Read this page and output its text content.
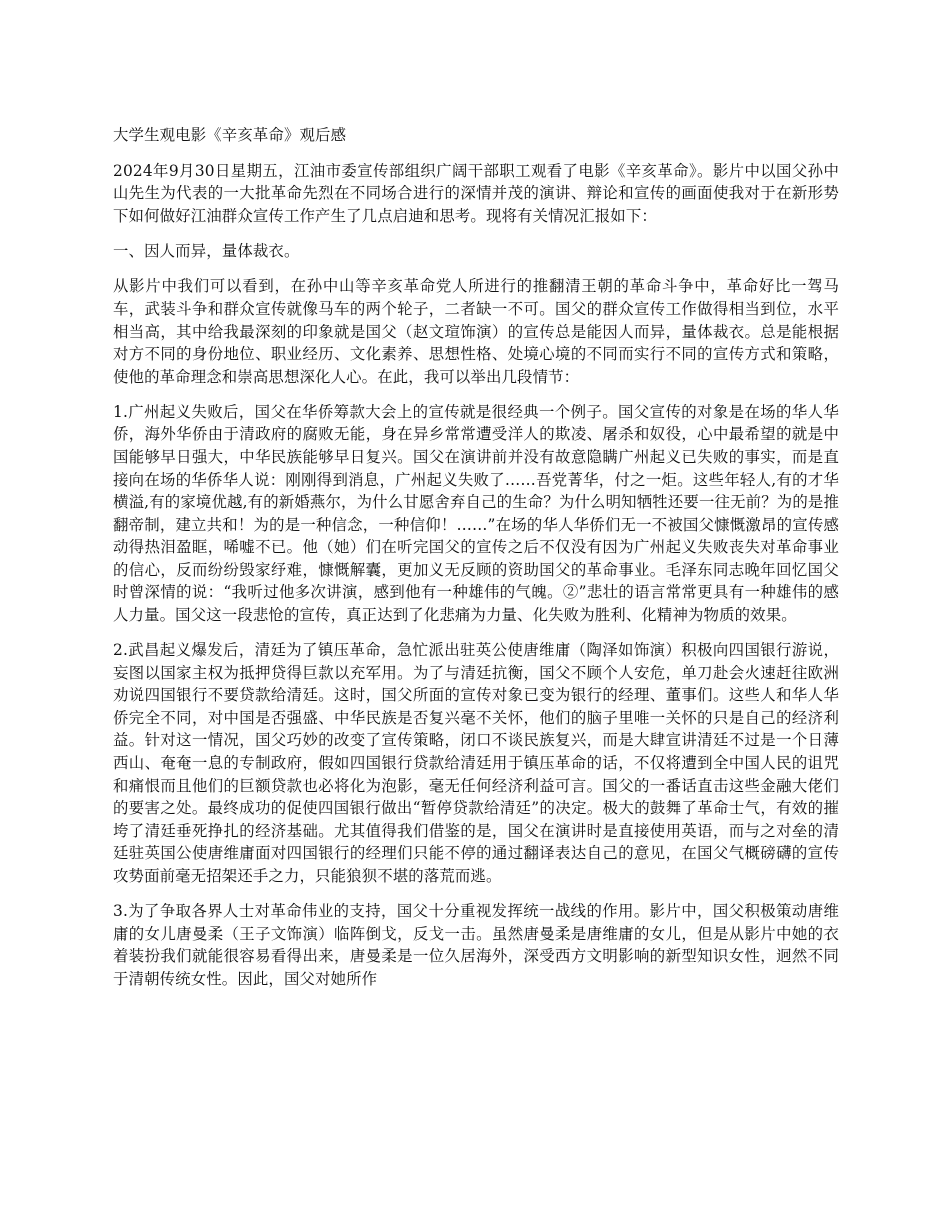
大学生观电影《辛亥革命》观后感

2024年9月30日星期五，江油市委宣传部组织广阔干部职工观看了电影《辛亥革命》。影片中以国父孙中山先生为代表的一大批革命先烈在不同场合进行的深情并茂的演讲、辩论和宣传的画面使我对于在新形势下如何做好江油群众宣传工作产生了几点启迪和思考。现将有关情况汇报如下：

一、因人而异，量体裁衣。

从影片中我们可以看到，在孙中山等辛亥革命党人所进行的推翻清王朝的革命斗争中，革命好比一驾马车，武装斗争和群众宣传就像马车的两个轮子，二者缺一不可。国父的群众宣传工作做得相当到位，水平相当高，其中给我最深刻的印象就是国父（赵文瑄饰演）的宣传总是能因人而异，量体裁衣。总是能根据对方不同的身份地位、职业经历、文化素养、思想性格、处境心境的不同而实行不同的宣传方式和策略，使他的革命理念和崇高思想深化人心。在此，我可以举出几段情节：

1.广州起义失败后，国父在华侨筹款大会上的宣传就是很经典一个例子。国父宣传的对象是在场的华人华侨，海外华侨由于清政府的腐败无能，身在异乡常常遭受洋人的欺凌、屠杀和奴役，心中最希望的就是中国能够早日强大，中华民族能够早日复兴。国父在演讲前并没有故意隐瞒广州起义已失败的事实，而是直接向在场的华侨华人说：刚刚得到消息，广州起义失败了……吾党菁华，付之一炬。这些年轻人,有的才华横溢,有的家境优越,有的新婚燕尔，为什么甘愿舍弃自己的生命？为什么明知牺牲还要一往无前？为的是推翻帝制，建立共和！为的是一种信念，一种信仰！……”在场的华人华侨们无一不被国父慷慨激昂的宣传感动得热泪盈眶，唏嘘不已。他（她）们在听完国父的宣传之后不仅没有因为广州起义失败丧失对革命事业的信心，反而纷纷毁家纾难，慷慨解囊，更加义无反顾的资助国父的革命事业。毛泽东同志晚年回忆国父时曾深情的说：“我听过他多次讲演，感到他有一种雄伟的气魄。②”悲壮的语言常常更具有一种雄伟的感人力量。国父这一段悲怆的宣传，真正达到了化悲痛为力量、化失败为胜利、化精神为物质的效果。

2.武昌起义爆发后，清廷为了镇压革命，急忙派出驻英公使唐维庸（陶泽如饰演）积极向四国银行游说，妄图以国家主权为抵押贷得巨款以充军用。为了与清廷抗衡，国父不顾个人安危，单刀赴会火速赶往欧洲劝说四国银行不要贷款给清廷。这时，国父所面的宣传对象已变为银行的经理、董事们。这些人和华人华侨完全不同，对中国是否强盛、中华民族是否复兴毫不关怀，他们的脑子里唯一关怀的只是自己的经济利益。针对这一情况，国父巧妙的改变了宣传策略，闭口不谈民族复兴，而是大肆宣讲清廷不过是一个日薄西山、奄奄一息的专制政府，假如四国银行贷款给清廷用于镇压革命的话，不仅将遭到全中国人民的诅咒和痛恨而且他们的巨额贷款也必将化为泡影，毫无任何经济利益可言。国父的一番话直击这些金融大佬们的要害之处。最终成功的促使四国银行做出“暂停贷款给清廷”的决定。极大的鼓舞了革命士气，有效的摧垮了清廷垂死挣扎的经济基础。尤其值得我们借鉴的是，国父在演讲时是直接使用英语，而与之对垒的清廷驻英国公使唐维庸面对四国银行的经理们只能不停的通过翻译表达自己的意见，在国父气概磅礴的宣传攻势面前毫无招架还手之力，只能狼狈不堪的落荒而逃。

3.为了争取各界人士对革命伟业的支持，国父十分重视发挥统一战线的作用。影片中，国父积极策动唐维庸的女儿唐曼柔（王子文饰演）临阵倒戈，反戈一击。虽然唐曼柔是唐维庸的女儿，但是从影片中她的衣着装扮我们就能很容易看得出来，唐曼柔是一位久居海外，深受西方文明影响的新型知识女性，迥然不同于清朝传统女性。因此，国父对她所作
